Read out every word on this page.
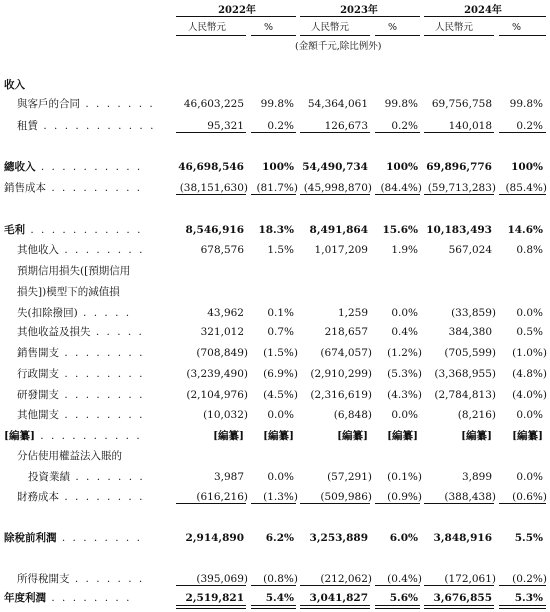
2022年	2023年	2024年
人民幣元	%	人民幣元	%	人民幣元	%
(金額千元,除比例外)
收入
與客戶的合同 . . . . . . .	46,603,225	99.8%	54,364,061	99.8%	69,756,758	99.8%
租賃 . . . . . . . . . . .	95,321	0.2%	126,673	0.2%	140,018	0.2%
總收入 . . . . . . . . . .	46,698,546	100% 54,490,734	100% 69,896,776	100%
銷售成本 . . . . . . . . .	(38,151,630) (81.7%) (45,998,870) (84.4%) (59,713,283) (85.4%)
毛利 . . . . . . . . . . .	8,546,916	18.3%	8,491,864	15.6% 10,183,493	14.6%
其他收入 . . . . . . . .	678,576	1.5%	1,017,209	1.9%	567,024	0.8%
預期信用損失([預期信用
損失])模型下的減值損
失(扣除撥回) . . . . .	43,962	0.1%	1,259	0.0%	(33,859)	0.0%
其他收益及損失 . . . . .	321,012	0.7%	218,657	0.4%	384,380	0.5%
銷售開支 . . . . . . . .	(708,849)	(1.5%)	(674,057)	(1.2%)	(705,599)	(1.0%)
行政開支 . . . . . . . .	(3,239,490)	(6.9%)	(2,910,299)	(5.3%)	(3,368,955)	(4.8%)
研發開支 . . . . . . . .	(2,104,976)	(4.5%)	(2,316,619)	(4.3%)	(2,784,813)	(4.0%)
其他開支 . . . . . . . .	(10,032)	0.0%	(6,848)	0.0%	(8,216)	0.0%
[編纂] . . . . . . . . . .	[編纂]	[編纂]	[編纂]	[編纂]	[編纂]	[編纂]
分佔使用權益法入賬的
投資業績 . . . . . . .	3,987	0.0%	(57,291)	(0.1%)	3,899	0.0%
財務成本 . . . . . . . .	(616,216)	(1.3%)	(509,986)	(0.9%)	(388,438)	(0.6%)
除稅前利潤 . . . . . . . .	2,914,890	6.2%	3,253,889	6.0%	3,848,916	5.5%
所得稅開支 . . . . . . .	(395,069)	(0.8%)	(212,062)	(0.4%)	(172,061)	(0.2%)
年度利潤 . . . . . . . .	2,519,821	5.4%	3,041,827	5.6%	3,676,855	5.3%
